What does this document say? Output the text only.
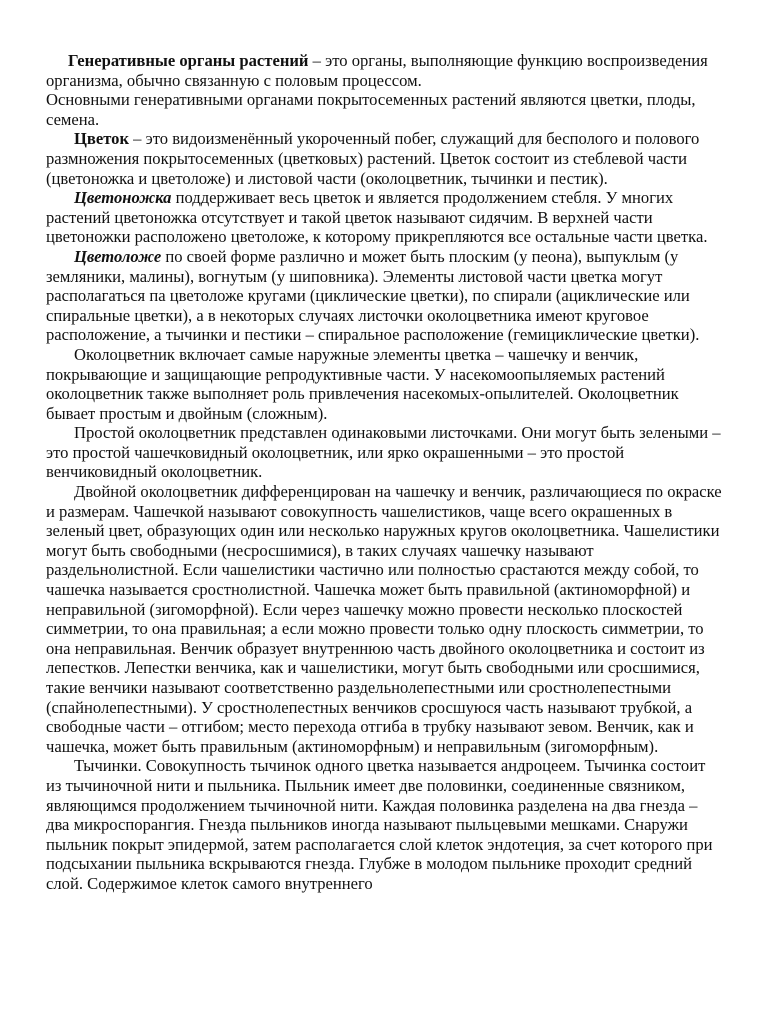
Генеративные органы растений – это органы, выполняющие функцию воспроизведения организма, обычно связанную с половым процессом.

Основными генеративными органами покрытосеменных растений являются цветки, плоды, семена.

Цветок – это видоизменённый укороченный побег, служащий для бесполого и полового размножения покрытосеменных (цветковых) растений. Цветок состоит из стеблевой части (цветоножка и цветоложе) и листовой части (околоцветник, тычинки и пестик).

Цветоножка поддерживает весь цветок и является продолжением стебля. У многих растений цветоножка отсутствует и такой цветок называют сидячим. В верхней части цветоножки расположено цветоложе, к которому прикрепляются все остальные части цветка.

Цветоложе по своей форме различно и может быть плоским (у пеона), выпуклым (у земляники, малины), вогнутым (у шиповника). Элементы листовой части цветка могут располагаться па цветоложе кругами (циклические цветки), по спирали (ациклические или спиральные цветки), а в некоторых случаях листочки околоцветника имеют круговое расположение, а тычинки и пестики – спиральное расположение (гемициклические цветки).

Околоцветник включает самые наружные элементы цветка – чашечку и венчик, покрывающие и защищающие репродуктивные части. У насекомоопыляемых растений околоцветник также выполняет роль привлечения насекомых-опылителей. Околоцветник бывает простым и двойным (сложным).

Простой околоцветник представлен одинаковыми листочками. Они могут быть зелеными – это простой чашечковидный околоцветник, или ярко окрашенными – это простой венчиковидный околоцветник.

Двойной околоцветник дифференцирован на чашечку и венчик, различающиеся по окраске и размерам. Чашечкой называют совокупность чашелистиков, чаще всего окрашенных в зеленый цвет, образующих один или несколько наружных кругов околоцветника. Чашелистики могут быть свободными (несросшимися), в таких случаях чашечку называют раздельнолистной. Если чашелистики частично или полностью срастаются между собой, то чашечка называется сростнолистной. Чашечка может быть правильной (актиноморфной) и неправильной (зигоморфной). Если через чашечку можно провести несколько плоскостей симметрии, то она правильная; а если можно провести только одну плоскость симметрии, то она неправильная. Венчик образует внутреннюю часть двойного околоцветника и состоит из лепестков. Лепестки венчика, как и чашелистики, могут быть свободными или сросшимися, такие венчики называют соответственно раздельнолепестными или сростнолепестными (спайнолепестными). У сростнолепестных венчиков сросшуюся часть называют трубкой, а свободные части – отгибом; место перехода отгиба в трубку называют зевом. Венчик, как и чашечка, может быть правильным (актиноморфным) и неправильным (зигоморфным).

Тычинки. Совокупность тычинок одного цветка называется андроцеем. Тычинка состоит из тычиночной нити и пыльника. Пыльник имеет две половинки, соединенные связником, являющимся продолжением тычиночной нити. Каждая половинка разделена на два гнезда – два микроспорангия. Гнезда пыльников иногда называют пыльцевыми мешками. Снаружи пыльник покрыт эпидермой, затем располагается слой клеток эндотеция, за счет которого при подсыхании пыльника вскрываются гнезда. Глубже в молодом пыльнике проходит средний слой. Содержимое клеток самого внутреннего
